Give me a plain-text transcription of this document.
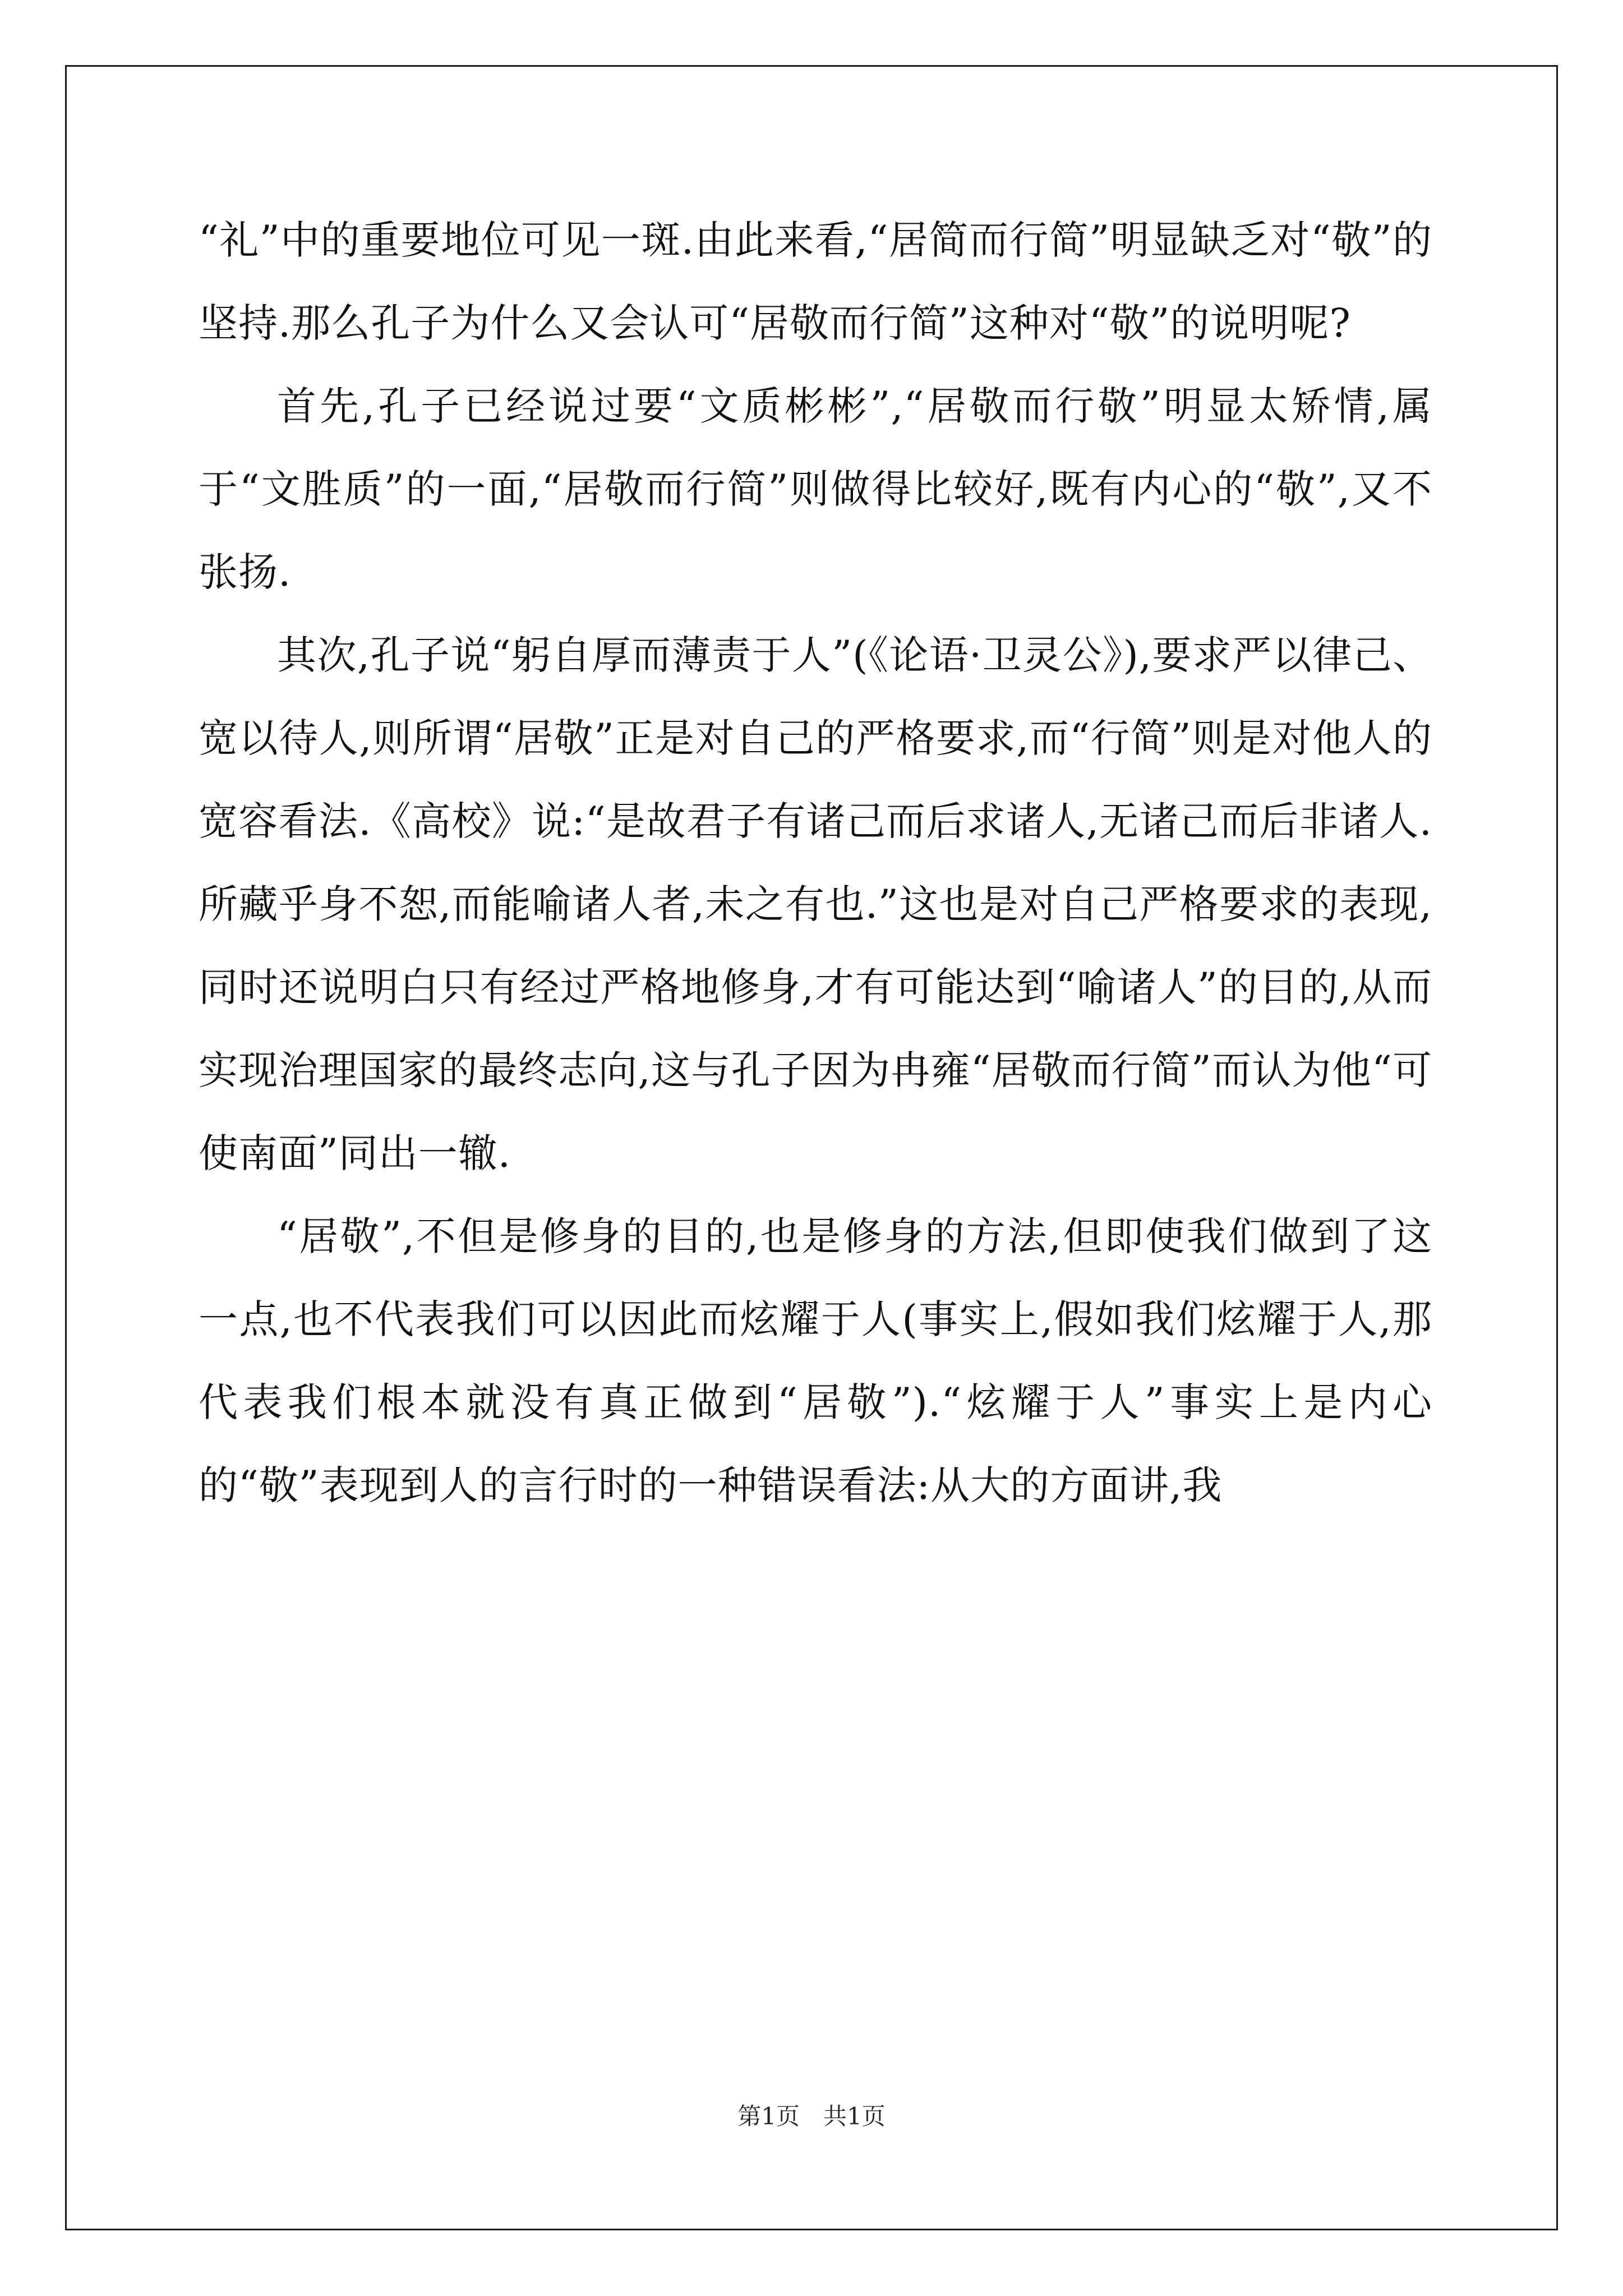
“礼”中的重要地位可见一斑.由此来看,“居简而行简”明显缺乏对“敬”的坚持.那么孔子为什么又会认可“居敬而行简”这种对“敬”的说明呢?

首先,孔子已经说过要“文质彬彬”,“居敬而行敬”明显太矫情,属于“文胜质”的一面,“居敬而行简”则做得比较好,既有内心的“敬”,又不张扬.

其次,孔子说“躬自厚而薄责于人”(《论语·卫灵公》),要求严以律己、宽以待人,则所谓“居敬”正是对自己的严格要求,而“行简”则是对他人的宽容看法.《高校》说:“是故君子有诸己而后求诸人,无诸己而后非诸人.所藏乎身不恕,而能喻诸人者,未之有也.”这也是对自己严格要求的表现,同时还说明白只有经过严格地修身,才有可能达到“喻诸人”的目的,从而实现治理国家的最终志向,这与孔子因为冉雍“居敬而行简”而认为他“可使南面”同出一辙.

“居敬”,不但是修身的目的,也是修身的方法,但即使我们做到了这一点,也不代表我们可以因此而炫耀于人(事实上,假如我们炫耀于人,那代表我们根本就没有真正做到“居敬”).“炫耀于人”事实上是内心的“敬”表现到人的言行时的一种错误看法:从大的方面讲,我

第1页　共1页
